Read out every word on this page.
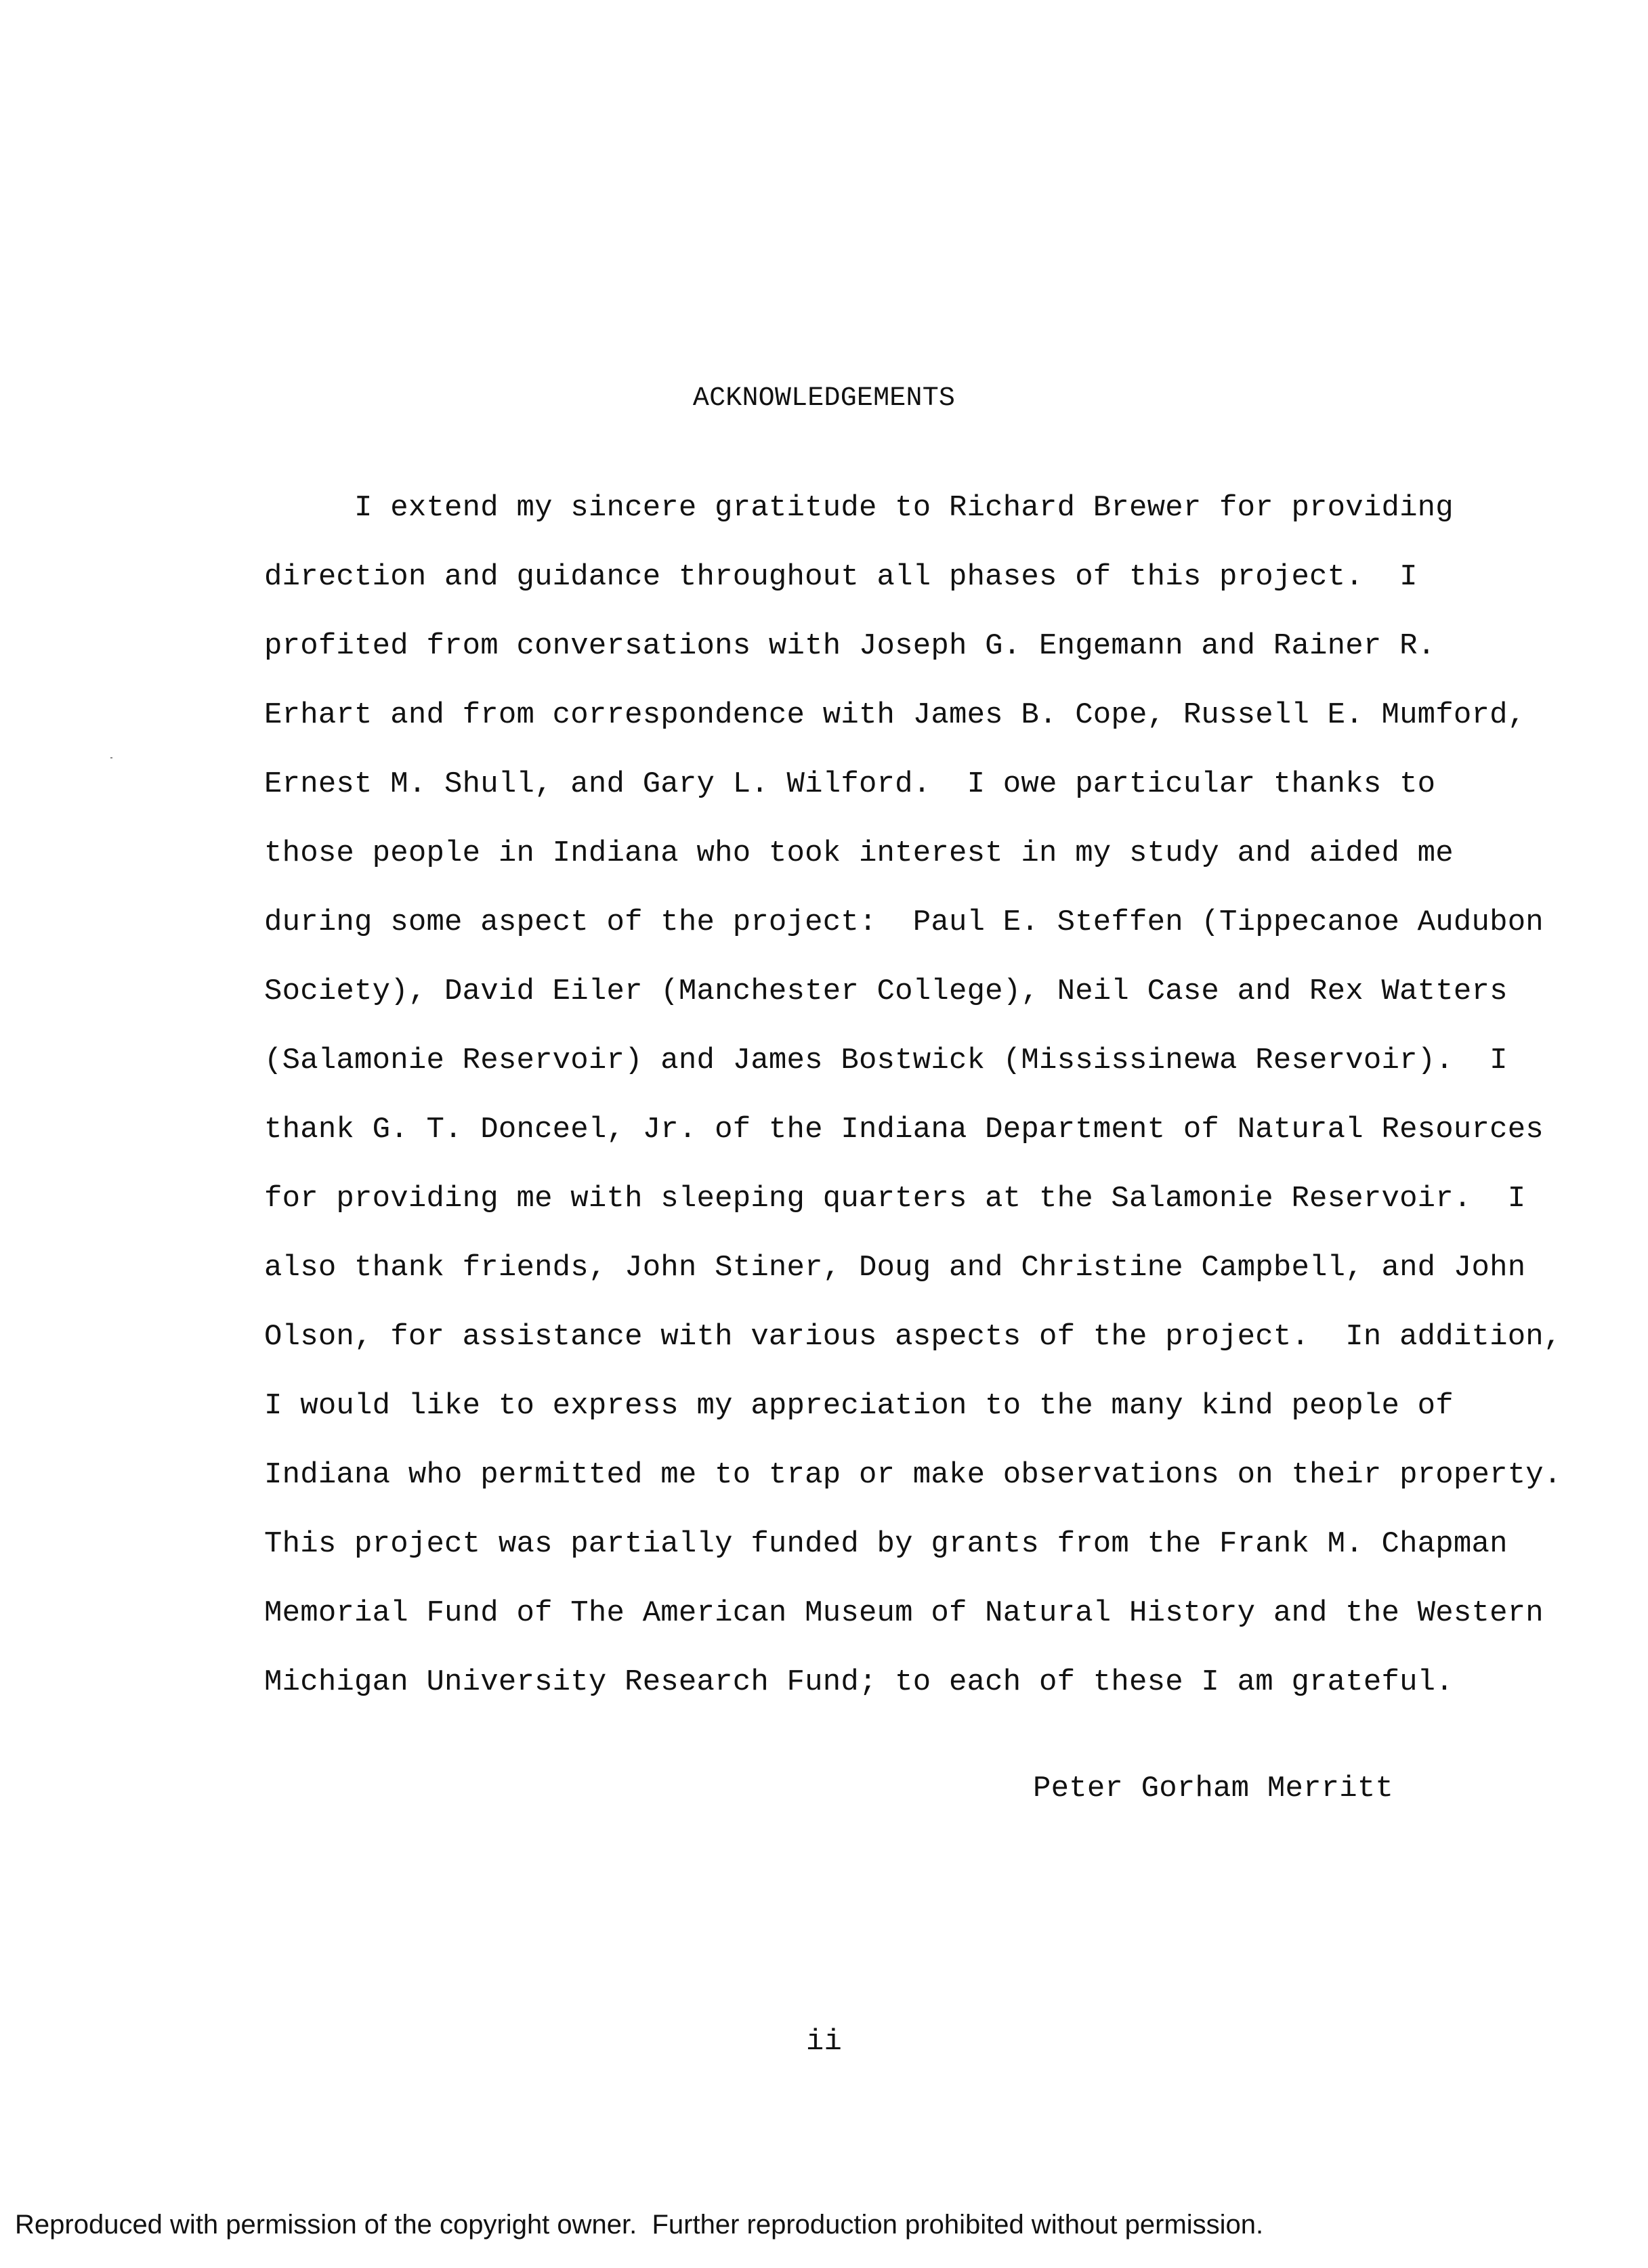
ACKNOWLEDGEMENTS
I extend my sincere gratitude to Richard Brewer for providing
direction and guidance throughout all phases of this project.  I
profited from conversations with Joseph G. Engemann and Rainer R.
Erhart and from correspondence with James B. Cope, Russell E. Mumford,
Ernest M. Shull, and Gary L. Wilford.  I owe particular thanks to
those people in Indiana who took interest in my study and aided me
during some aspect of the project:  Paul E. Steffen (Tippecanoe Audubon
Society), David Eiler (Manchester College), Neil Case and Rex Watters
(Salamonie Reservoir) and James Bostwick (Mississinewa Reservoir).  I
thank G. T. Donceel, Jr. of the Indiana Department of Natural Resources
for providing me with sleeping quarters at the Salamonie Reservoir.  I
also thank friends, John Stiner, Doug and Christine Campbell, and John
Olson, for assistance with various aspects of the project.  In addition,
I would like to express my appreciation to the many kind people of
Indiana who permitted me to trap or make observations on their property.
This project was partially funded by grants from the Frank M. Chapman
Memorial Fund of The American Museum of Natural History and the Western
Michigan University Research Fund; to each of these I am grateful.
Peter Gorham Merritt
ii
Reproduced with permission of the copyright owner.  Further reproduction prohibited without permission.
